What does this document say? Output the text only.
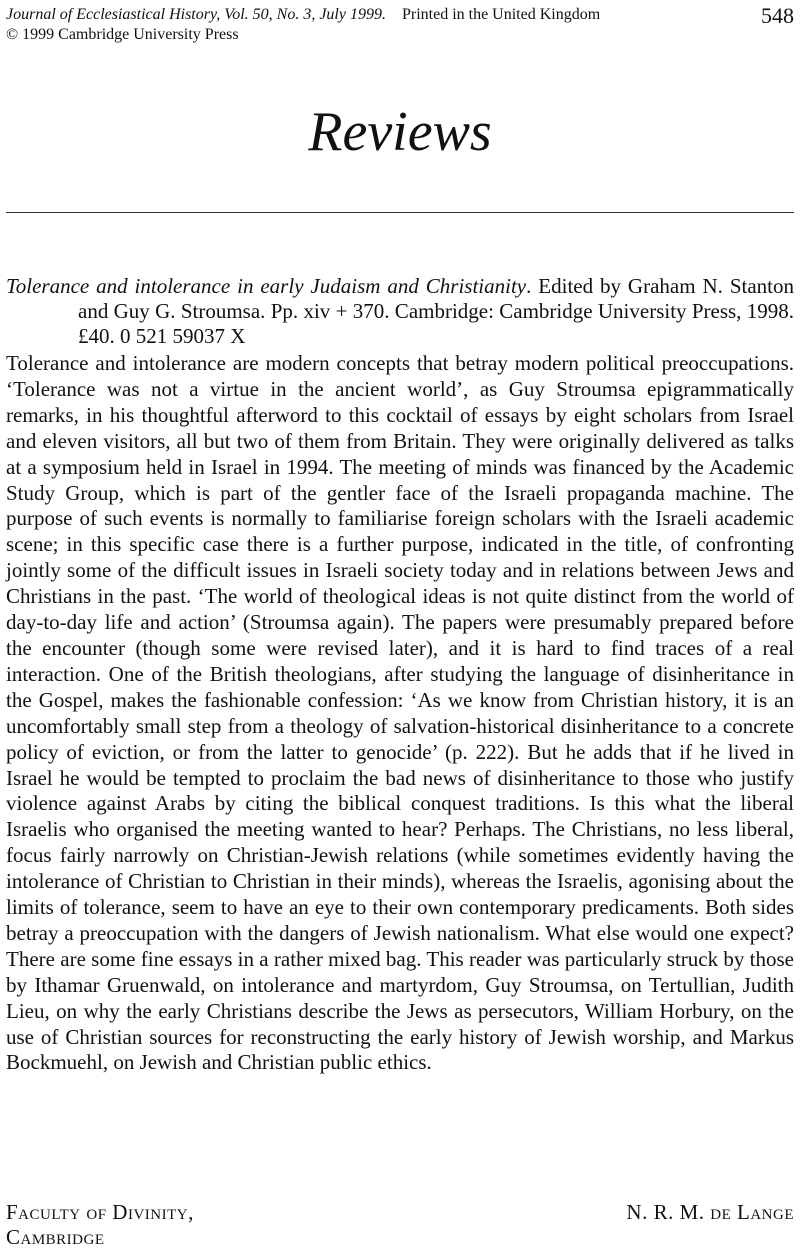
Journal of Ecclesiastical History, Vol. 50, No. 3, July 1999. Printed in the United Kingdom
© 1999 Cambridge University Press
548
Reviews
Tolerance and intolerance in early Judaism and Christianity. Edited by Graham N. Stanton and Guy G. Stroumsa. Pp. xiv + 370. Cambridge: Cambridge University Press, 1998. £40. 0 521 59037 X

Tolerance and intolerance are modern concepts that betray modern political preoccupations. ‘Tolerance was not a virtue in the ancient world’, as Guy Stroumsa epigrammatically remarks, in his thoughtful afterword to this cocktail of essays by eight scholars from Israel and eleven visitors, all but two of them from Britain. They were originally delivered as talks at a symposium held in Israel in 1994. The meeting of minds was financed by the Academic Study Group, which is part of the gentler face of the Israeli propaganda machine. The purpose of such events is normally to familiarise foreign scholars with the Israeli academic scene; in this specific case there is a further purpose, indicated in the title, of confronting jointly some of the difficult issues in Israeli society today and in relations between Jews and Christians in the past. ‘The world of theological ideas is not quite distinct from the world of day-to-day life and action’ (Stroumsa again). The papers were presumably prepared before the encounter (though some were revised later), and it is hard to find traces of a real interaction. One of the British theologians, after studying the language of disinheritance in the Gospel, makes the fashionable confession: ‘As we know from Christian history, it is an uncomfortably small step from a theology of salvation-historical disinheritance to a concrete policy of eviction, or from the latter to genocide’ (p. 222). But he adds that if he lived in Israel he would be tempted to proclaim the bad news of disinheritance to those who justify violence against Arabs by citing the biblical conquest traditions. Is this what the liberal Israelis who organised the meeting wanted to hear? Perhaps. The Christians, no less liberal, focus fairly narrowly on Christian-Jewish relations (while sometimes evidently having the intolerance of Christian to Christian in their minds), whereas the Israelis, agonising about the limits of tolerance, seem to have an eye to their own contemporary predicaments. Both sides betray a preoccupation with the dangers of Jewish nationalism. What else would one expect? There are some fine essays in a rather mixed bag. This reader was particularly struck by those by Ithamar Gruenwald, on intolerance and martyrdom, Guy Stroumsa, on Tertullian, Judith Lieu, on why the early Christians describe the Jews as persecutors, William Horbury, on the use of Christian sources for reconstructing the early history of Jewish worship, and Markus Bockmuehl, on Jewish and Christian public ethics.

Faculty of Divinity,
Cambridge
N. R. M. de Lange
